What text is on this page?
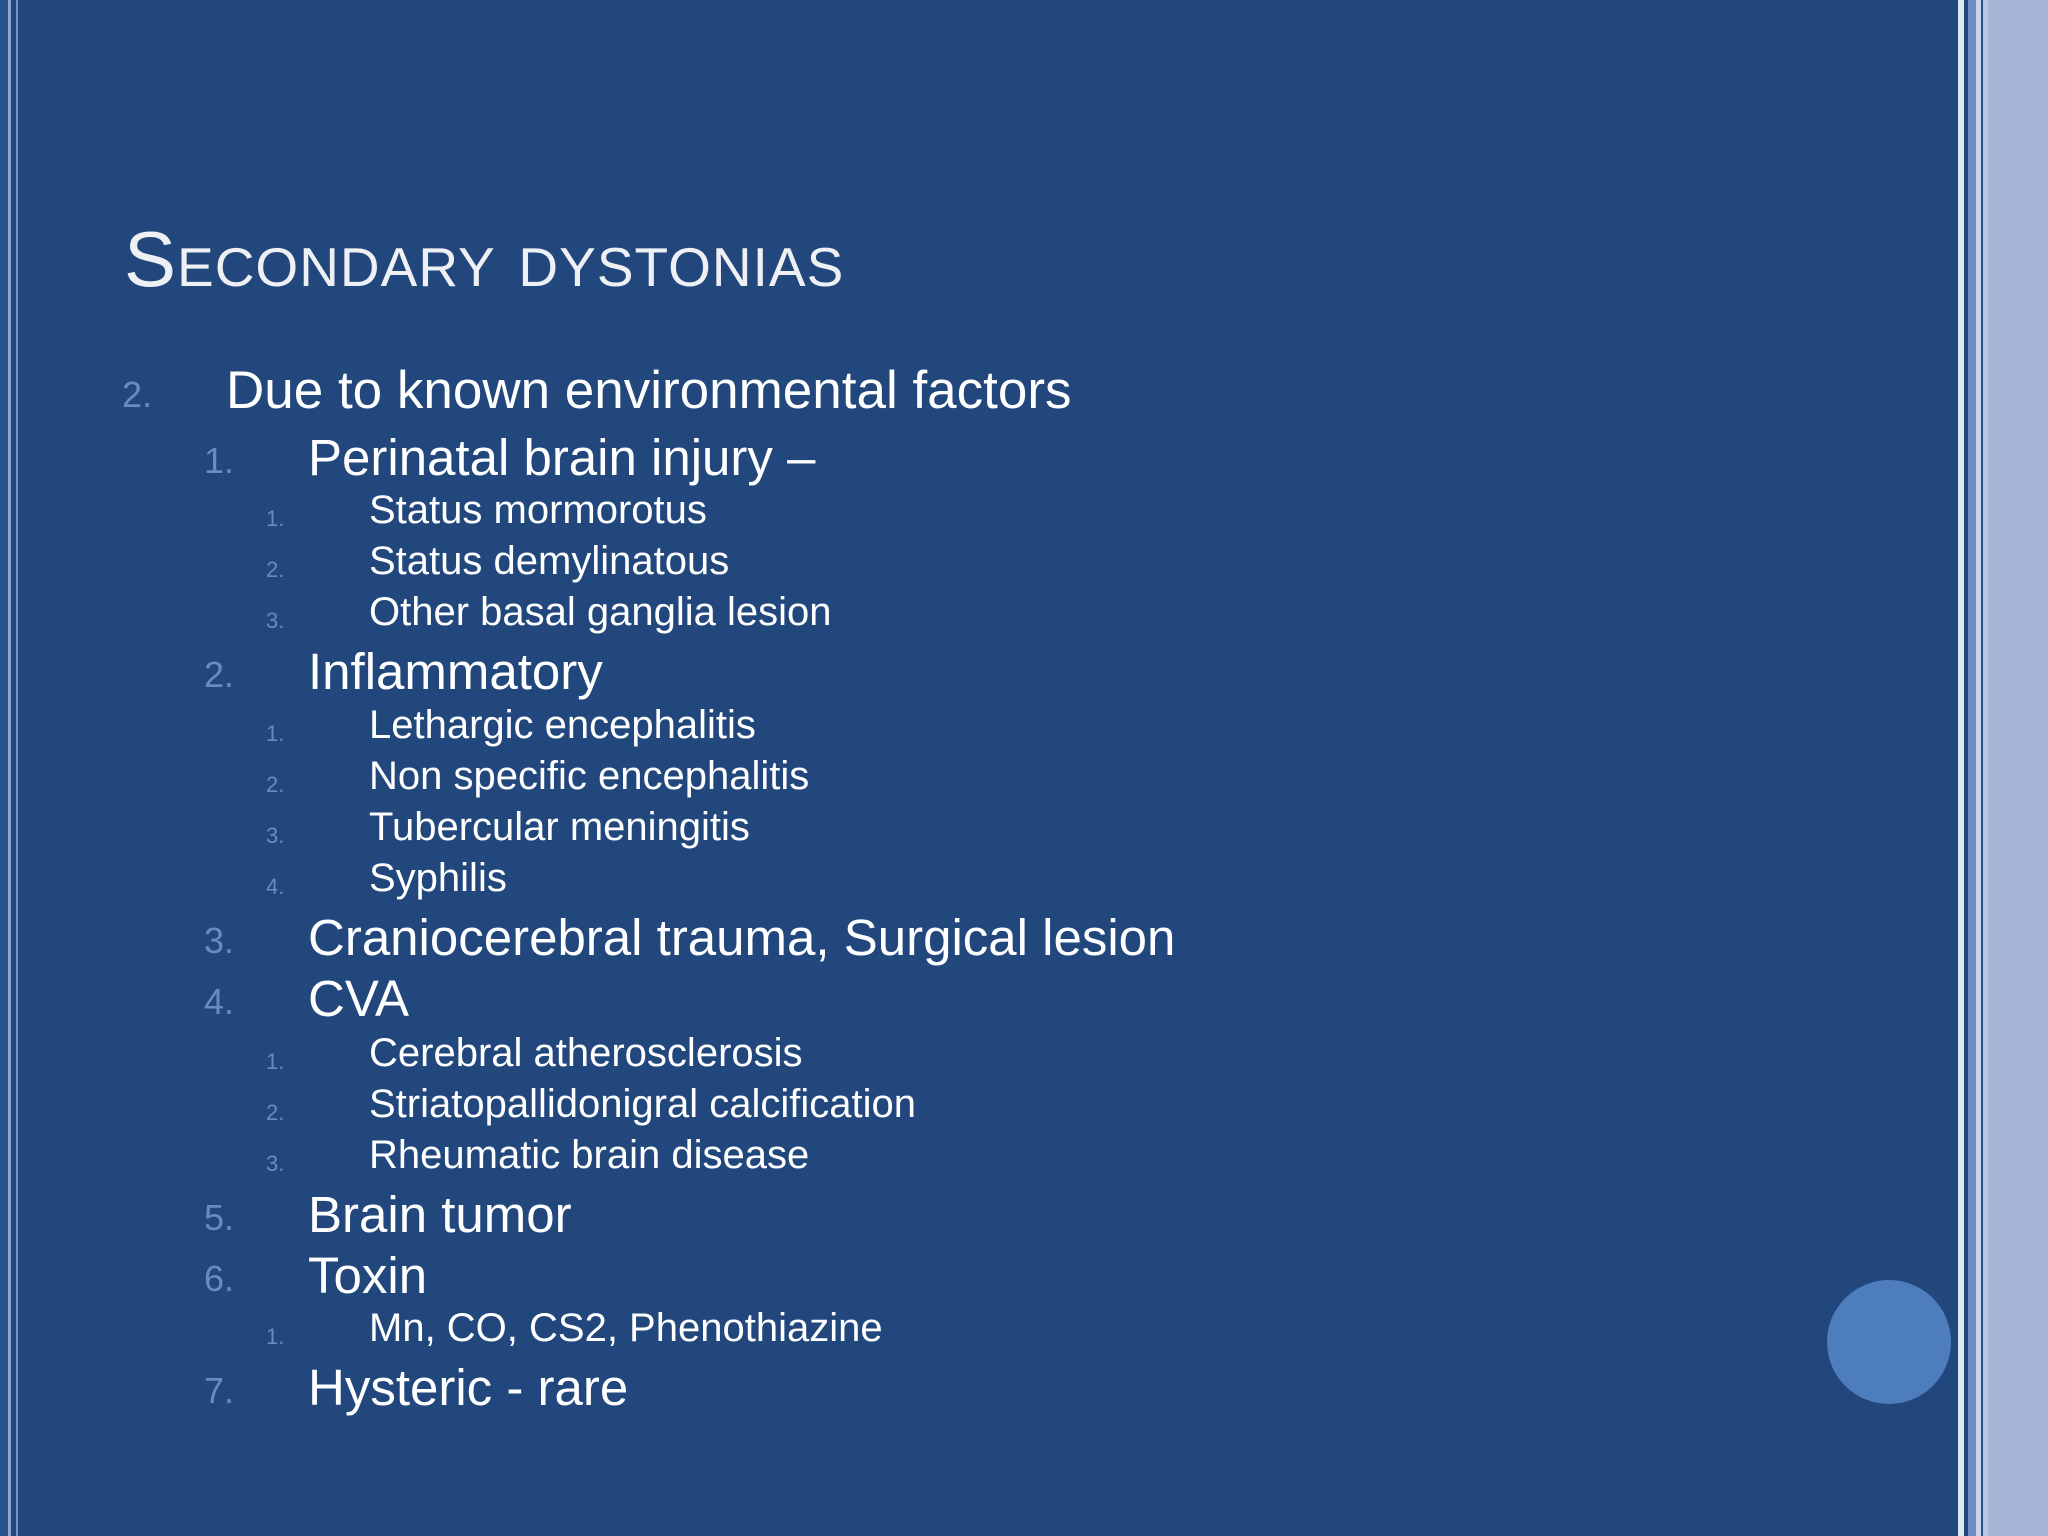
Secondary dystonias
2. Due to known environmental factors
1. Perinatal brain injury –
1. Status mormorotus
2. Status demylinatous
3. Other basal ganglia lesion
2. Inflammatory
1. Lethargic encephalitis
2. Non specific encephalitis
3. Tubercular meningitis
4. Syphilis
3. Craniocerebral trauma, Surgical lesion
4. CVA
1. Cerebral atherosclerosis
2. Striatopallidonigral calcification
3. Rheumatic brain disease
5. Brain tumor
6. Toxin
1. Mn, CO, CS2, Phenothiazine
7. Hysteric - rare
